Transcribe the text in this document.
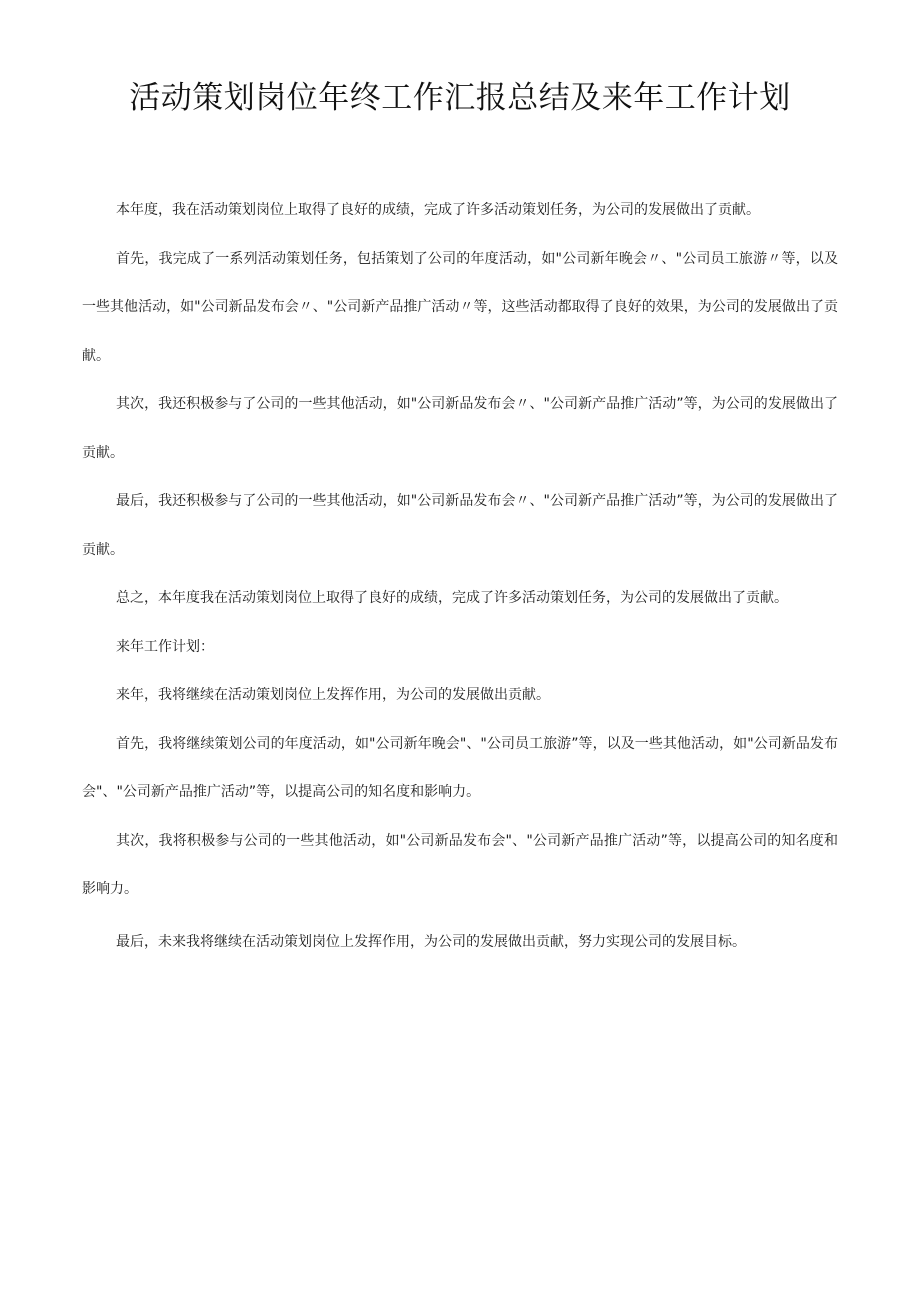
活动策划岗位年终工作汇报总结及来年工作计划

本年度，我在活动策划岗位上取得了良好的成绩，完成了许多活动策划任务，为公司的发展做出了贡献。

首先，我完成了一系列活动策划任务，包括策划了公司的年度活动，如"公司新年晚会〃、"公司员工旅游〃等，以及一些其他活动，如"公司新品发布会〃、"公司新产品推广活动〃等，这些活动都取得了良好的效果，为公司的发展做出了贡献。

其次，我还积极参与了公司的一些其他活动，如"公司新品发布会〃、"公司新产品推广活动”等，为公司的发展做出了贡献。

最后，我还积极参与了公司的一些其他活动，如"公司新品发布会〃、"公司新产品推广活动”等，为公司的发展做出了贡献。

总之，本年度我在活动策划岗位上取得了良好的成绩，完成了许多活动策划任务，为公司的发展做出了贡献。

来年工作计划：

来年，我将继续在活动策划岗位上发挥作用，为公司的发展做出贡献。

首先，我将继续策划公司的年度活动，如"公司新年晚会"、"公司员工旅游”等，以及一些其他活动，如"公司新品发布会"、"公司新产品推广活动”等，以提高公司的知名度和影响力。

其次，我将积极参与公司的一些其他活动，如"公司新品发布会"、"公司新产品推广活动”等，以提高公司的知名度和影响力。

最后，未来我将继续在活动策划岗位上发挥作用，为公司的发展做出贡献，努力实现公司的发展目标。
